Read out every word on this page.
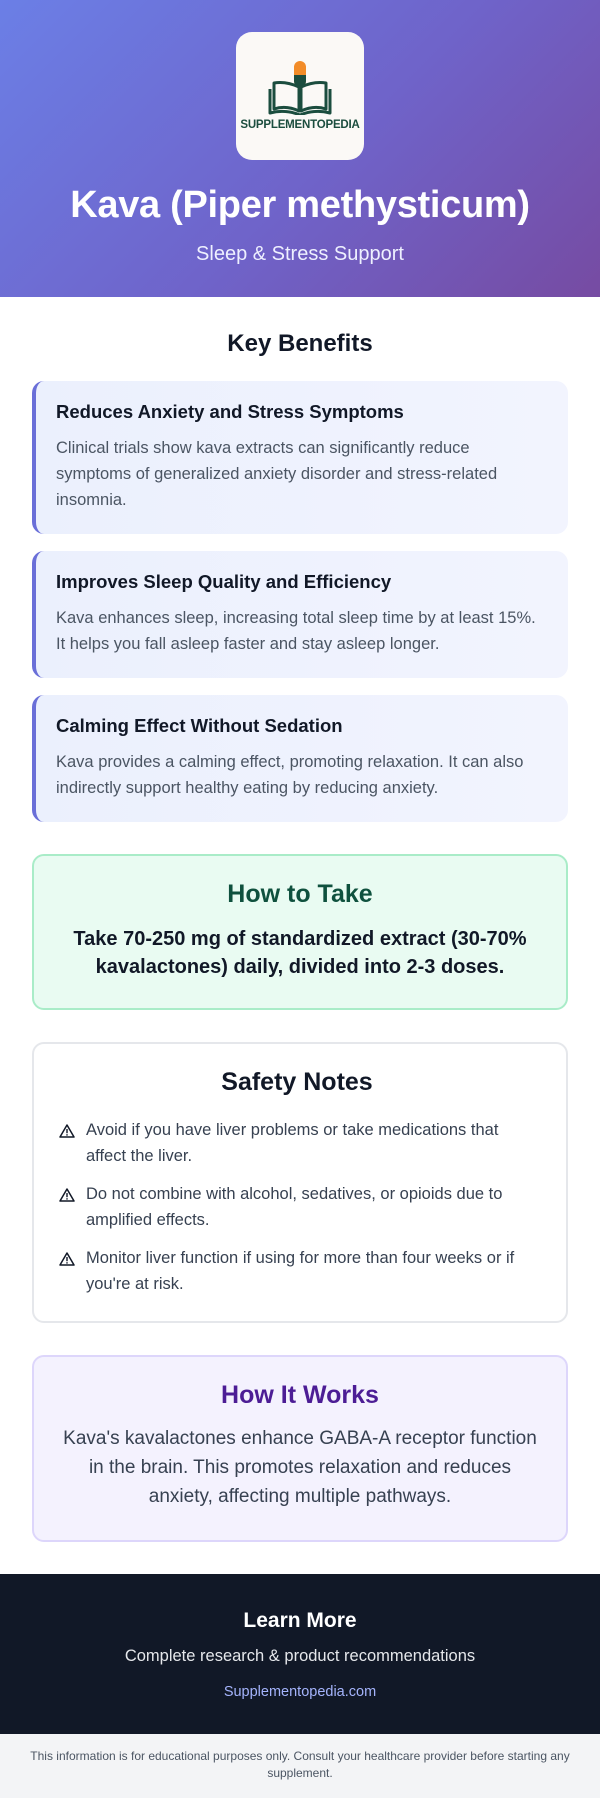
SUPPLEMENTOPEDIA
Kava (Piper methysticum)
Sleep & Stress Support
Key Benefits
Reduces Anxiety and Stress Symptoms

Clinical trials show kava extracts can significantly reduce symptoms of generalized anxiety disorder and stress-related insomnia.

Improves Sleep Quality and Efficiency

Kava enhances sleep, increasing total sleep time by at least 15%. It helps you fall asleep faster and stay asleep longer.

Calming Effect Without Sedation

Kava provides a calming effect, promoting relaxation. It can also indirectly support healthy eating by reducing anxiety.

How to Take

Take 70-250 mg of standardized extract (30-70% kavalactones) daily, divided into 2-3 doses.

Safety Notes
Avoid if you have liver problems or take medications that affect the liver.
Do not combine with alcohol, sedatives, or opioids due to amplified effects.
Monitor liver function if using for more than four weeks or if you're at risk.
How It Works

Kava's kavalactones enhance GABA-A receptor function in the brain. This promotes relaxation and reduces anxiety, affecting multiple pathways.

Learn More
Complete research & product recommendations
Supplementopedia.com
This information is for educational purposes only. Consult your healthcare provider before starting any supplement.
